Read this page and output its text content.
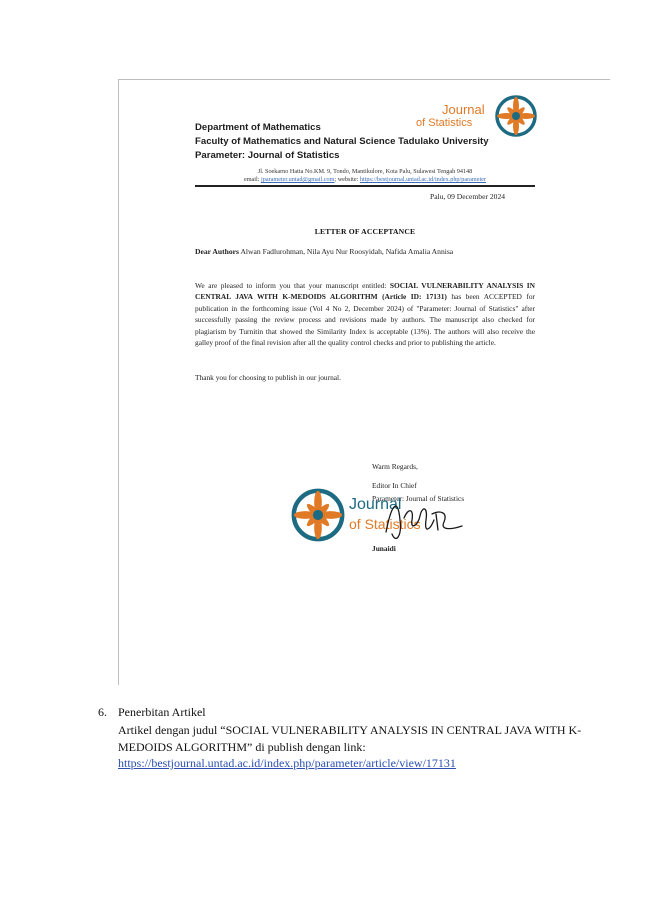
Department of Mathematics
Faculty of Mathematics and Natural Science Tadulako University
Parameter: Journal of Statistics
Journal
of Statistics
Jl. Soekarno Hatta No.KM. 9, Tondo, Mantikulore, Kota Palu, Sulawesi Tengah 94148
email: jparameter.untad@gmail.com; website: https://bestjournal.untad.ac.id/index.php/parameter
Palu, 09 December 2024
LETTER OF ACCEPTANCE
Dear Authors Alwan Fadlurohman, Nila Ayu Nur Roosyidah, Nafida Amalia Annisa
We are pleased to inform you that your manuscript entitled: SOCIAL VULNERABILITY ANALYSIS IN CENTRAL JAVA WITH K-MEDOIDS ALGORITHM (Article ID: 17131) has been ACCEPTED for publication in the forthcoming issue (Vol 4 No 2, December 2024) of "Parameter: Journal of Statistics" after successfully passing the review process and revisions made by authors. The manuscript also checked for plagiarism by Turnitin that showed the Similarity Index is acceptable (13%). The authors will also receive the galley proof of the final revision after all the quality control checks and prior to publishing the article.
Thank you for choosing to publish in our journal.
Warm Regards,
Editor In Chief
Parameter: Journal of Statistics
Journal
of Statistics
Junaidi
6. Penerbitan Artikel
Artikel dengan judul “SOCIAL VULNERABILITY ANALYSIS IN CENTRAL JAVA WITH K-MEDOIDS ALGORITHM” di publish dengan link:
https://bestjournal.untad.ac.id/index.php/parameter/article/view/17131
